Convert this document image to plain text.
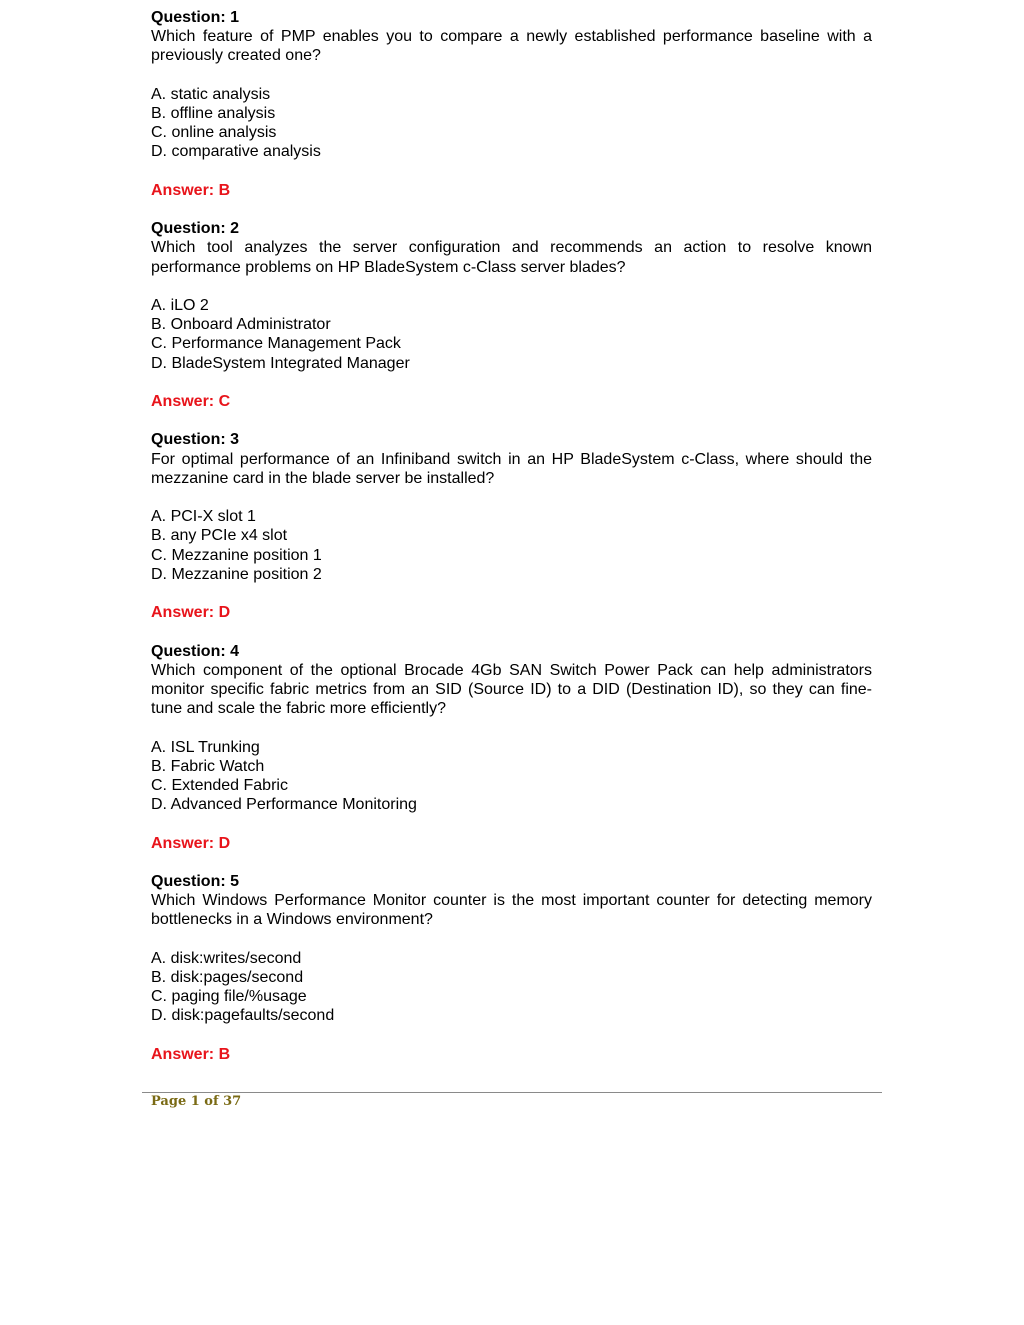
Question: 1

Which feature of PMP enables you to compare a newly established performance baseline with a previously created one?

A. static analysis
B. offline analysis
C. online analysis
D. comparative analysis

Answer: B

Question: 2

Which tool analyzes the server configuration and recommends an action to resolve known performance problems on HP BladeSystem c-Class server blades?

A. iLO 2
B. Onboard Administrator
C. Performance Management Pack
D. BladeSystem Integrated Manager

Answer: C

Question: 3

For optimal performance of an Infiniband switch in an HP BladeSystem c-Class, where should the mezzanine card in the blade server be installed?

A. PCI-X slot 1
B. any PCIe x4 slot
C. Mezzanine position 1
D. Mezzanine position 2

Answer: D

Question: 4

Which component of the optional Brocade 4Gb SAN Switch Power Pack can help administrators monitor specific fabric metrics from an SID (Source ID) to a DID (Destination ID), so they can fine-tune and scale the fabric more efficiently?

A. ISL Trunking
B. Fabric Watch
C. Extended Fabric
D. Advanced Performance Monitoring

Answer: D

Question: 5

Which Windows Performance Monitor counter is the most important counter for detecting memory bottlenecks in a Windows environment?

A. disk:writes/second
B. disk:pages/second
C. paging file/%usage
D. disk:pagefaults/second

Answer: B

Page 1 of 37
